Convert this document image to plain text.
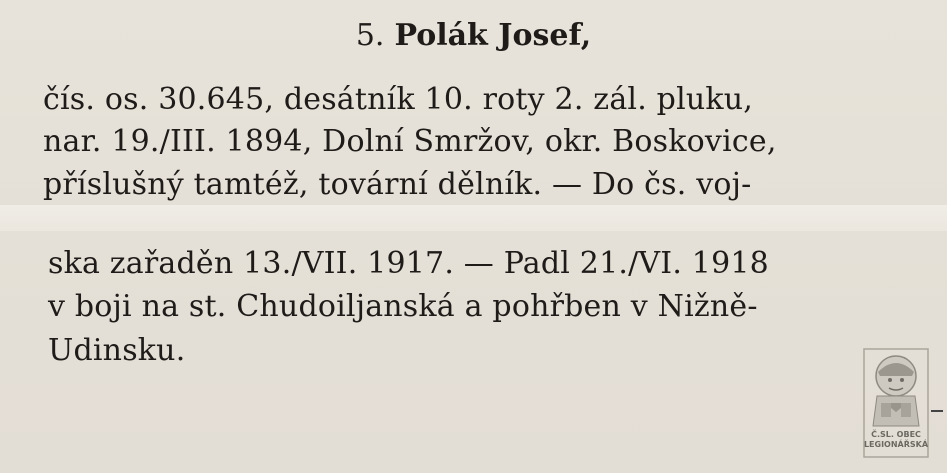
5. Polák Josef,
čís. os. 30.645, desátník 10. roty 2. zál. pluku,
nar. 19./III. 1894, Dolní Smržov, okr. Boskovice,
příslušný tamtéž, tovární dělník. — Do čs. voj-
ska zařaděn 13./VII. 1917. — Padl 21./VI. 1918
v boji na st. Chudoiljanská a pohřben v Nižně-
Udinsku.
Č.SL. OBEC
LEGIONÁŘSKÁ
